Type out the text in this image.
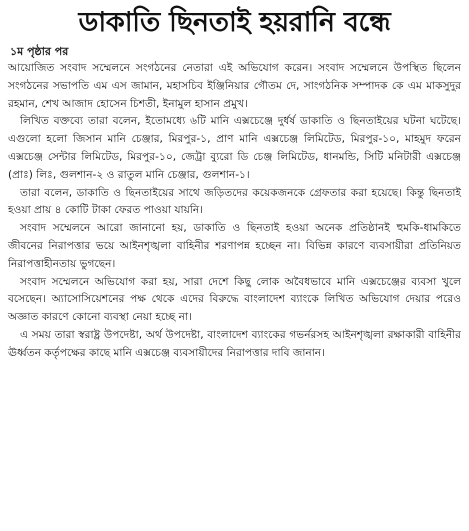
ডাকাতি ছিনতাই হয়রানি বন্ধে
১ম পৃষ্ঠার পর

আয়োজিত সংবাদ সম্মেলনে সংগঠনের নেতারা এই অভিযোগ করেন। সংবাদ সম্মেলনে উপস্থিত ছিলেন সংগঠনের সভাপতি এম এস জামান, মহাসচিব ইঞ্জিনিয়ার গৌতম দে, সাংগঠনিক সম্পাদক কে এম মাকসুদুর রহমান, শেখ আজাদ হোসেন চিশতী, ইনামুল হাসান প্রমুখ।

লিখিত বক্তব্যে তারা বলেন, ইতোমধ্যে ৬টি মানি এক্সচেঞ্জে দুর্ধর্ষ ডাকাতি ও ছিনতাইয়ের ঘটনা ঘটেছে। এগুলো হলো জিসান মানি চেঞ্জার, মিরপুর-১, প্রাণ মানি এক্সচেঞ্জ লিমিটেড, মিরপুর-১০, মাহমুদ ফরেন এক্সচেঞ্জ সেন্টার লিমিটেড, মিরপুর-১০, জেট্রা ব্যুরো ডি চেঞ্জ লিমিটেড, ধানমন্ডি, সিটি মনিটারী এক্সচেঞ্জ (প্রাঃ) লিঃ, গুলশান-২ ও রাতুল মানি চেঞ্জার, গুলশান-১।

তারা বলেন, ডাকাতি ও ছিনতাইয়ের সাথে জড়িতদের কয়েকজনকে গ্রেফতার করা হয়েছে। কিন্তু ছিনতাই হওয়া প্রায় ৪ কোটি টাকা ফেরত পাওয়া যায়নি।

সংবাদ সম্মেলনে আরো জানানো হয়, ডাকাতি ও ছিনতাই হওয়া অনেক প্রতিষ্ঠানই হুমকি-ধামকিতে জীবনের নিরাপত্তার ভয়ে আইনশৃঙ্খলা বাহিনীর শরণাপন্ন হচ্ছেন না। বিভিন্ন কারণে ব্যবসায়ীরা প্রতিনিয়ত নিরাপত্তাহীনতায় ভুগছেন।

সংবাদ সম্মেলনে অভিযোগ করা হয়, সারা দেশে কিছু লোক অবৈধভাবে মানি এক্সচেঞ্জের ব্যবসা খুলে বসেছেন। অ্যাসোসিয়েশনের পক্ষ থেকে এদের বিরুদ্ধে বাংলাদেশ ব্যাংকে লিখিত অভিযোগ দেয়ার পরেও অজ্ঞাত কারণে কোনো ব্যবস্থা নেয়া হচ্ছে না।

এ সময় তারা স্বরাষ্ট্র উপদেষ্টা, অর্থ উপদেষ্টা, বাংলাদেশ ব্যাংকের গভর্নরসহ আইনশৃঙ্খলা রক্ষাকারী বাহিনীর ঊর্ধ্বতন কর্তৃপক্ষের কাছে মানি এক্সচেঞ্জ ব্যবসায়ীদের নিরাপত্তার দাবি জানান।
